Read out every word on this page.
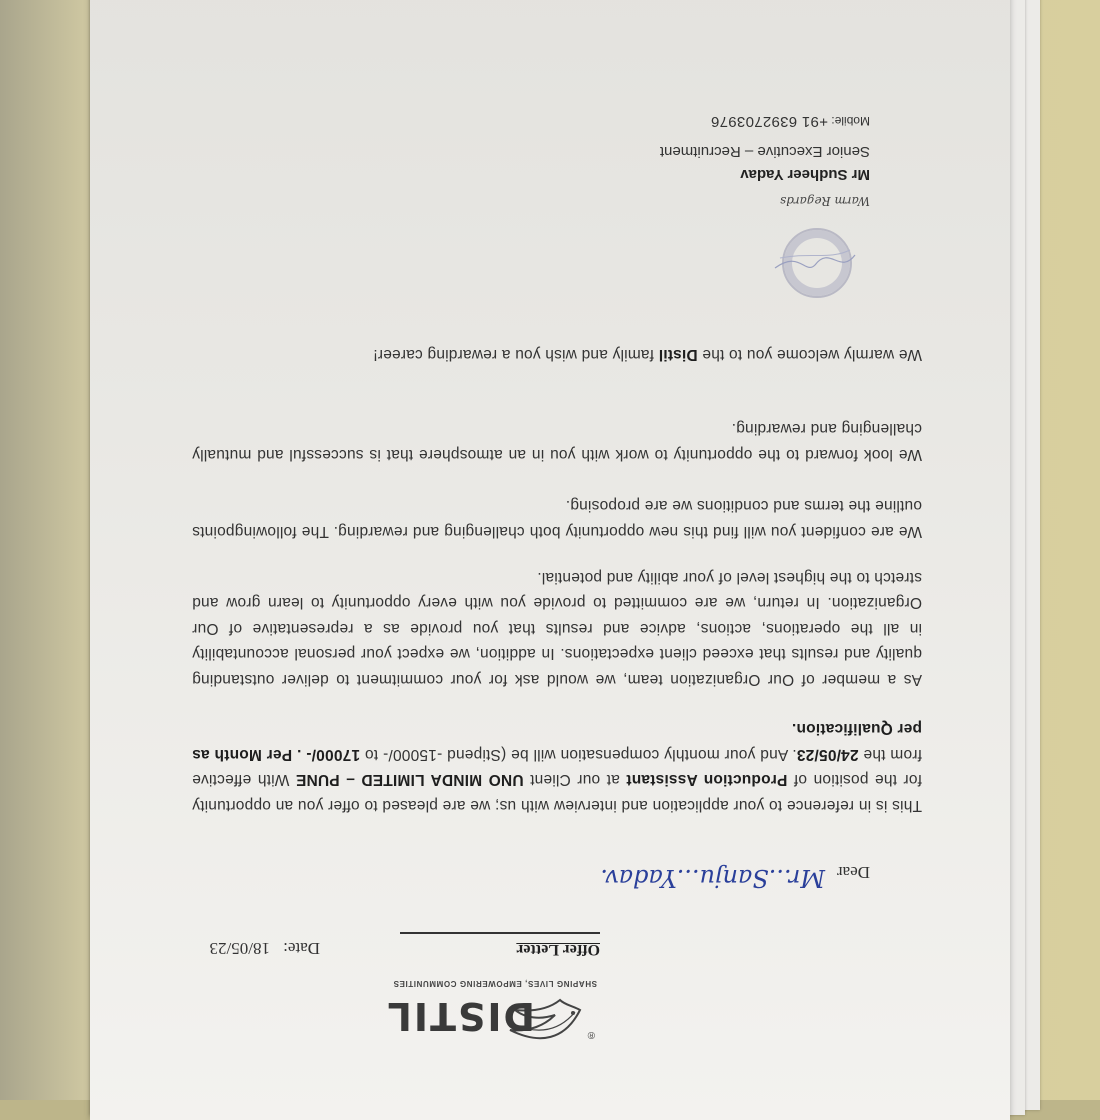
®
DISTIL
SHAPING LIVES, EMPOWERING COMMUNITIES
Offer Letter
Date:
18/05/23
Dear
Mr...Sanju...Yadav.
This is in reference to your application and interview with us; we are pleased to offer you an opportunity for the position of Production Assistant at our Client UNO MINDA LIMITED – PUNE With effective from the 24/05/23. And your monthly compensation will be (Stipend -15000/- to 17000/- . Per Month as per Qualification.
As a member of Our Organization team, we would ask for your commitment to deliver outstanding quality and results that exceed client expectations. In addition, we expect your personal accountability in all the operations, actions, advice and results that you provide as a representative of Our Organization. In return, we are committed to provide you with every opportunity to learn grow and stretch to the highest level of your ability and potential.
We are confident you will find this new opportunity both challenging and rewarding. The followingpoints outline the terms and conditions we are proposing.
We look forward to the opportunity to work with you in an atmosphere that is successful and mutually challenging and rewarding.
We warmly welcome you to the Distil family and wish you a rewarding career!
Warm Regards
Mr Sudheer Yadav
Senior Executive – Recruitment
Mobile: +91 6392703976
